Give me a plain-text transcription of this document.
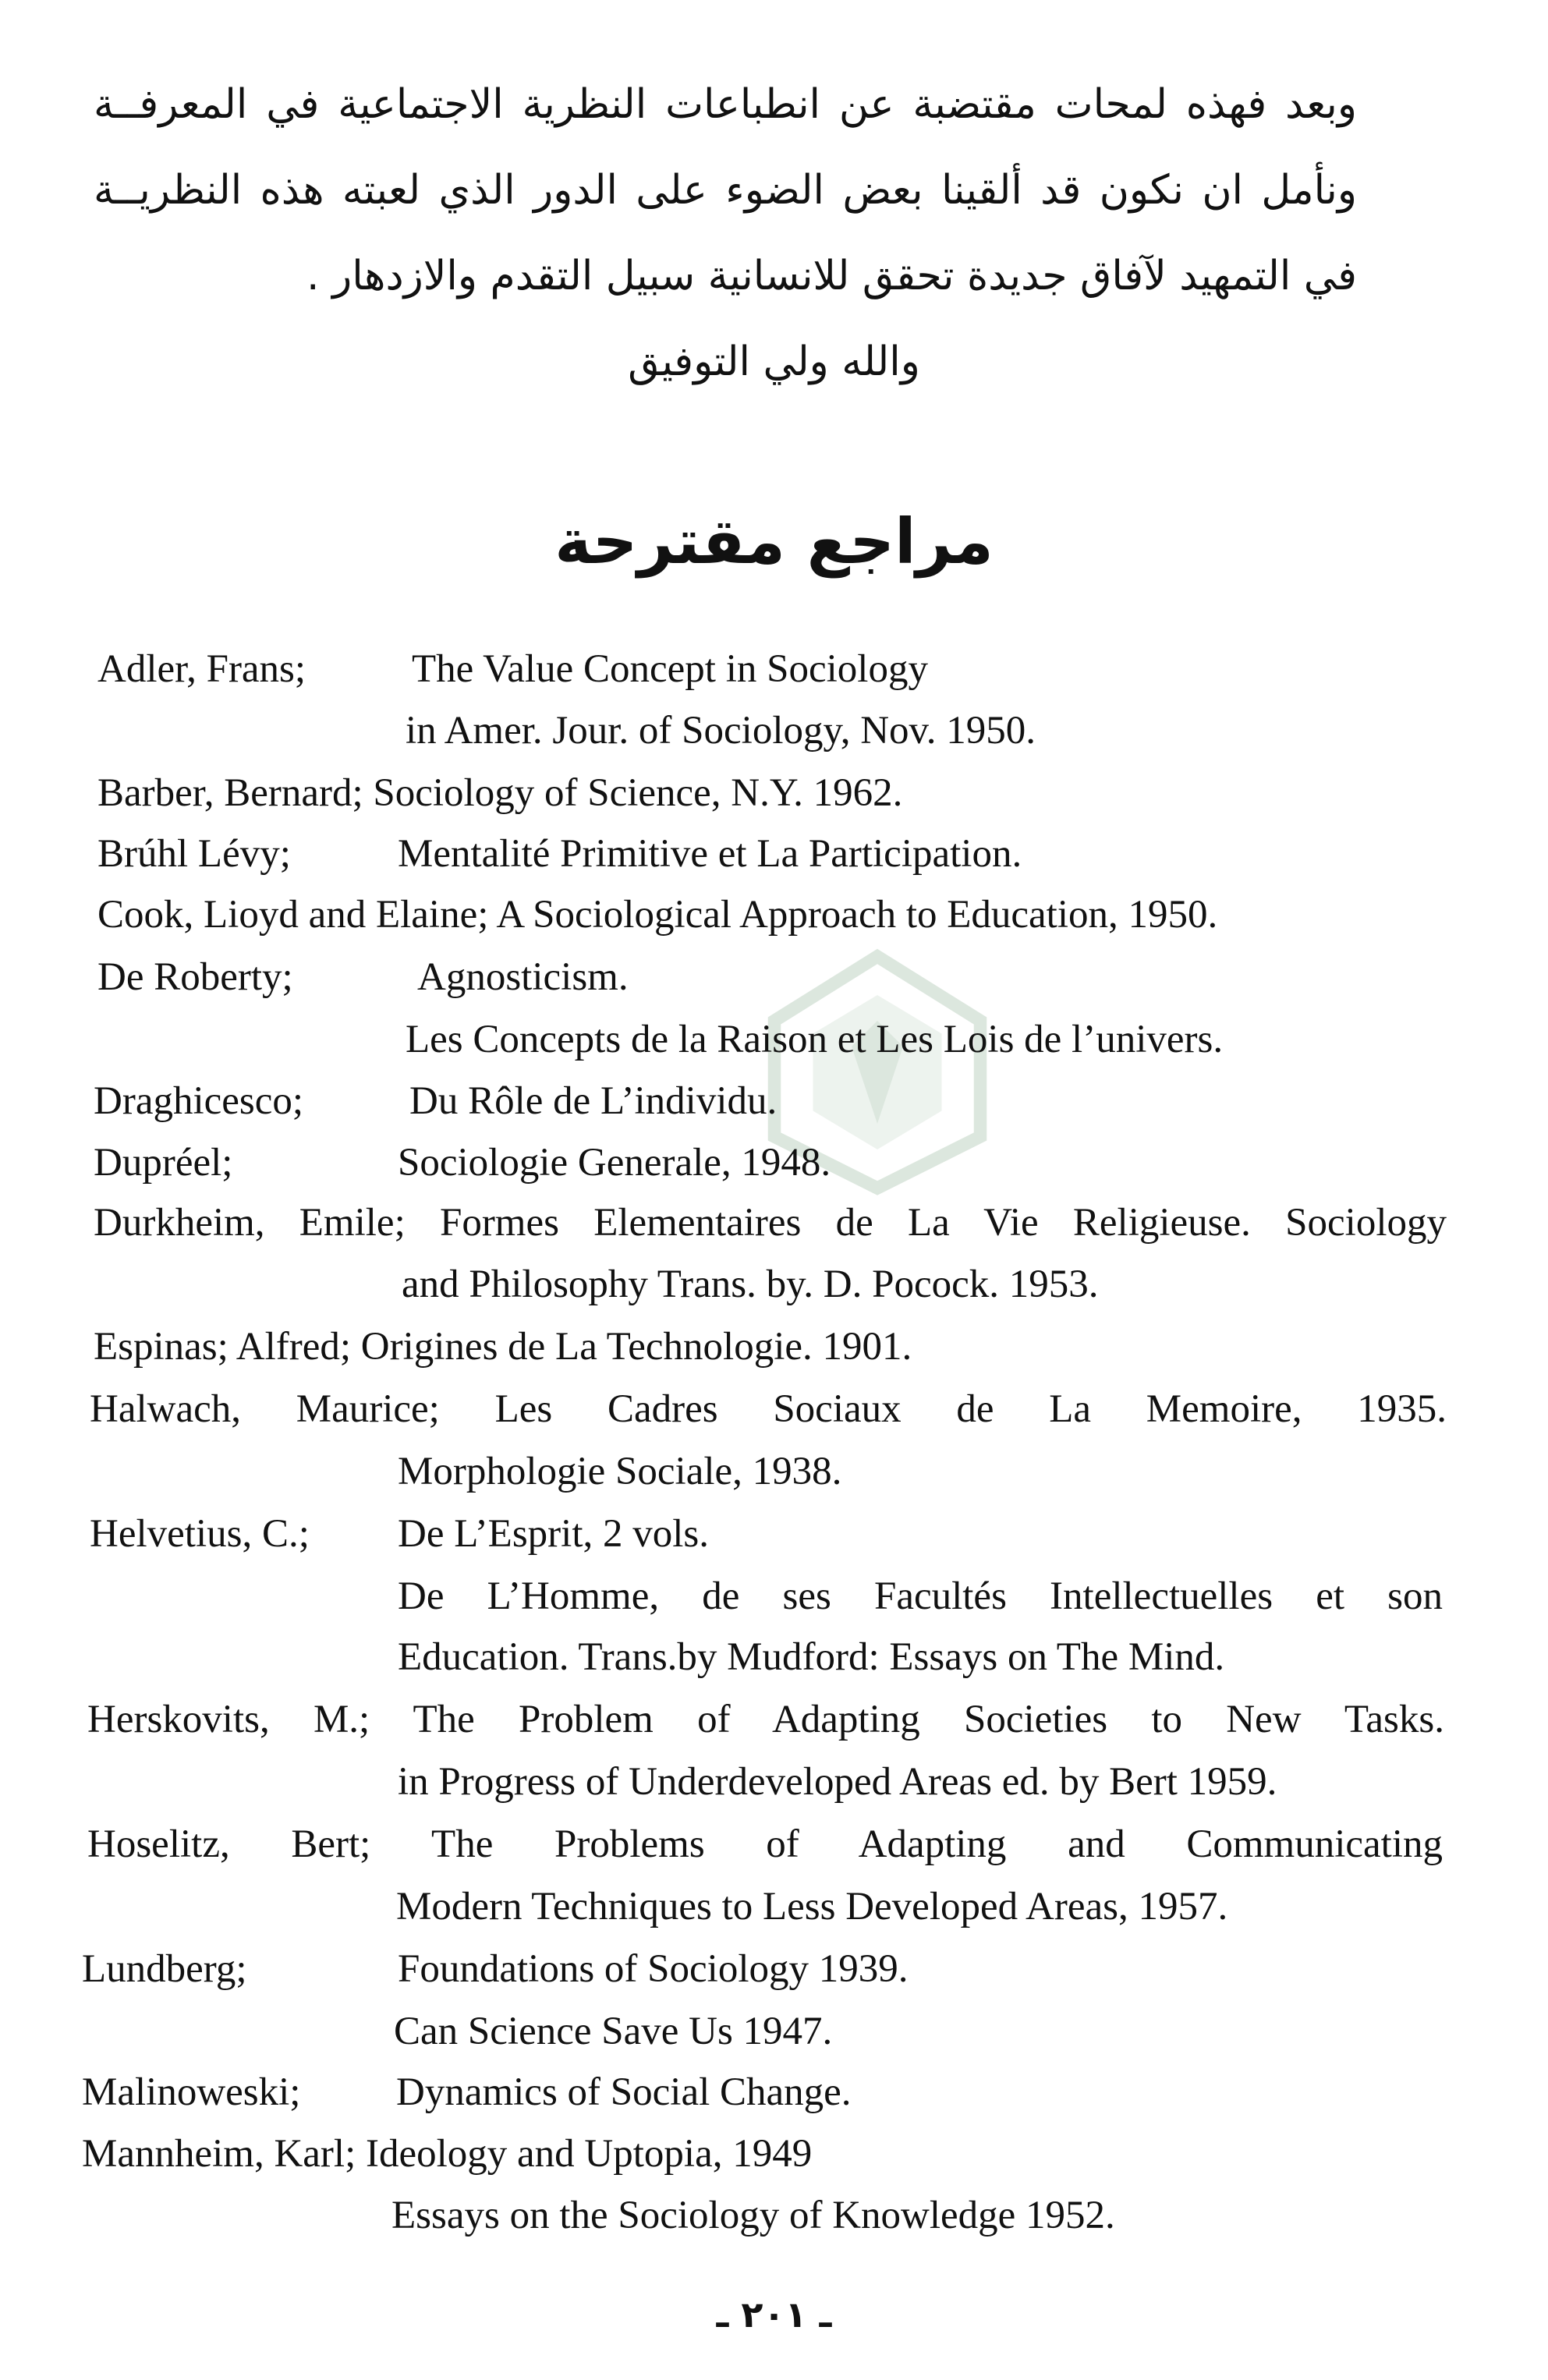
وبعد فهذه لمحات مقتضبة عن انطباعات النظرية الاجتماعية في المعرفــة
ونأمل ان نكون قد ألقينا بعض الضوء على الدور الذي لعبته هذه النظريــة
في التمهيد لآفاق جديدة تحقق للانسانية سبيل التقدم والازدهار .
والله ولي التوفيق
مراجع مقترحة
Adler, Frans;	The Value Concept in Sociology
in Amer. Jour. of Sociology, Nov. 1950.
Barber, Bernard; Sociology of Science, N.Y. 1962.
Brúhl Lévy;	Mentalité Primitive et La Participation.
Cook, Lioyd and Elaine; A Sociological Approach to Education, 1950.
De Roberty;	Agnosticism.
Les Concepts de la Raison et Les Lois de l’univers.
Draghicesco;	Du Rôle de L’individu.
Dupréel;	Sociologie Generale, 1948.
Durkheim, Emile; Formes Elementaires de La Vie Religieuse. Sociology
and Philosophy Trans. by. D. Pocock. 1953.
Espinas; Alfred; Origines de La Technologie. 1901.
Halwach, Maurice; Les Cadres Sociaux de La Memoire, 1935.
Morphologie Sociale, 1938.
Helvetius, C.; De L’Esprit, 2 vols.
De L’Homme, de ses Facultés Intellectuelles et son
Education. Trans.by Mudford: Essays on The Mind.
Herskovits, M.; The Problem of Adapting Societies to New Tasks.
in Progress of Underdeveloped Areas ed. by Bert 1959.
Hoselitz, Bert; The Problems of Adapting and Communicating
Modern Techniques to Less Developed Areas, 1957.
Lundberg;	Foundations of Sociology 1939.
Can Science Save Us 1947.
Malinoweski; Dynamics of Social Change.
Mannheim, Karl; Ideology and Uptopia, 1949
Essays on the Sociology of Knowledge 1952.
ـ ٢٠١ ـ
